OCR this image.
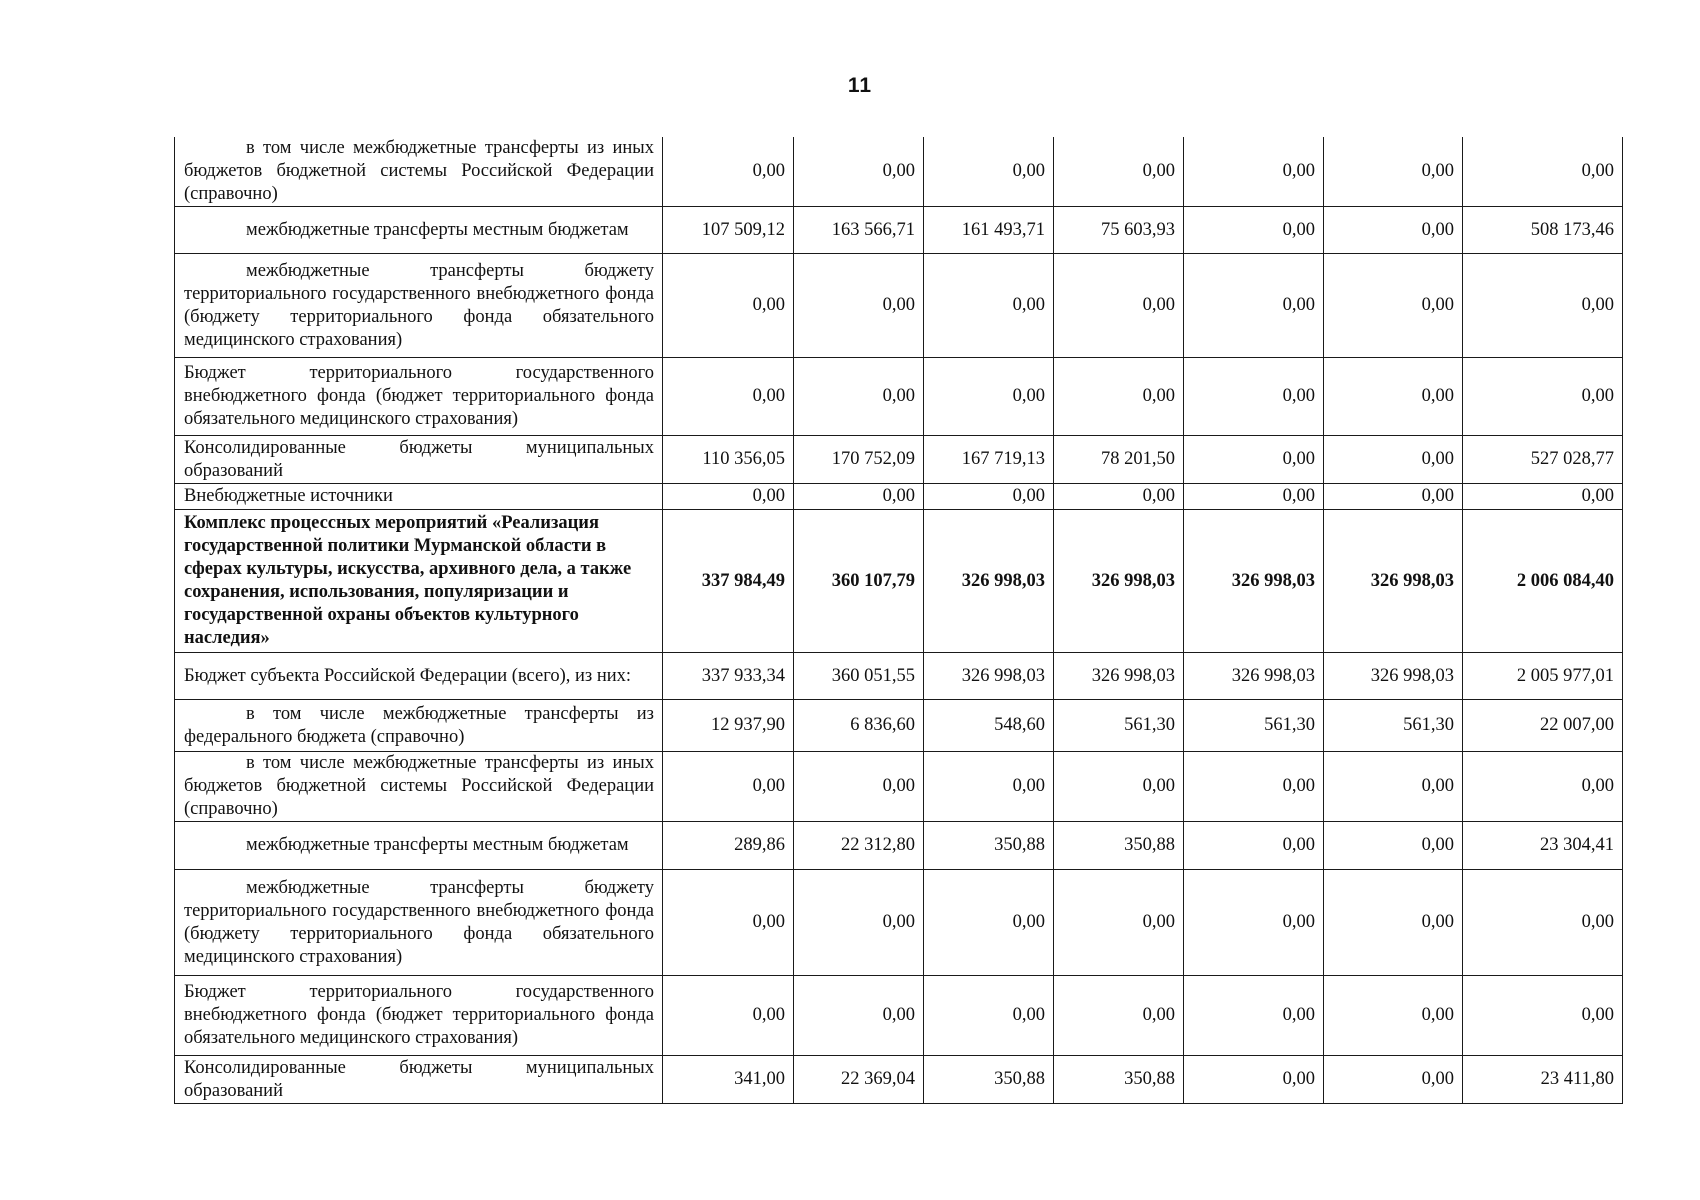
11
в том числе межбюджетные трансферты из иных бюджетов бюджетной системы Российской Федерации (справочно)	0,00	0,00	0,00	0,00	0,00	0,00	0,00
межбюджетные трансферты местным бюджетам	107 509,12	163 566,71	161 493,71	75 603,93	0,00	0,00	508 173,46
межбюджетные трансферты бюджету территориального государственного внебюджетного фонда (бюджету территориального фонда обязательного медицинского страхования)	0,00	0,00	0,00	0,00	0,00	0,00	0,00
Бюджет территориального государственного внебюджетного фонда (бюджет территориального фонда обязательного медицинского страхования)	0,00	0,00	0,00	0,00	0,00	0,00	0,00
Консолидированные бюджеты муниципальных образований	110 356,05	170 752,09	167 719,13	78 201,50	0,00	0,00	527 028,77
Внебюджетные источники	0,00	0,00	0,00	0,00	0,00	0,00	0,00
Комплекс процессных мероприятий «Реализация государственной политики Мурманской области в сферах культуры, искусства, архивного дела, а также сохранения, использования, популяризации и государственной охраны объектов культурного наследия»	337 984,49	360 107,79	326 998,03	326 998,03	326 998,03	326 998,03	2 006 084,40
Бюджет субъекта Российской Федерации (всего), из них:	337 933,34	360 051,55	326 998,03	326 998,03	326 998,03	326 998,03	2 005 977,01
в том числе межбюджетные трансферты из федерального бюджета (справочно)	12 937,90	6 836,60	548,60	561,30	561,30	561,30	22 007,00
в том числе межбюджетные трансферты из иных бюджетов бюджетной системы Российской Федерации (справочно)	0,00	0,00	0,00	0,00	0,00	0,00	0,00
межбюджетные трансферты местным бюджетам	289,86	22 312,80	350,88	350,88	0,00	0,00	23 304,41
межбюджетные трансферты бюджету территориального государственного внебюджетного фонда (бюджету территориального фонда обязательного медицинского страхования)	0,00	0,00	0,00	0,00	0,00	0,00	0,00
Бюджет территориального государственного внебюджетного фонда (бюджет территориального фонда обязательного медицинского страхования)	0,00	0,00	0,00	0,00	0,00	0,00	0,00
Консолидированные бюджеты муниципальных образований	341,00	22 369,04	350,88	350,88	0,00	0,00	23 411,80
